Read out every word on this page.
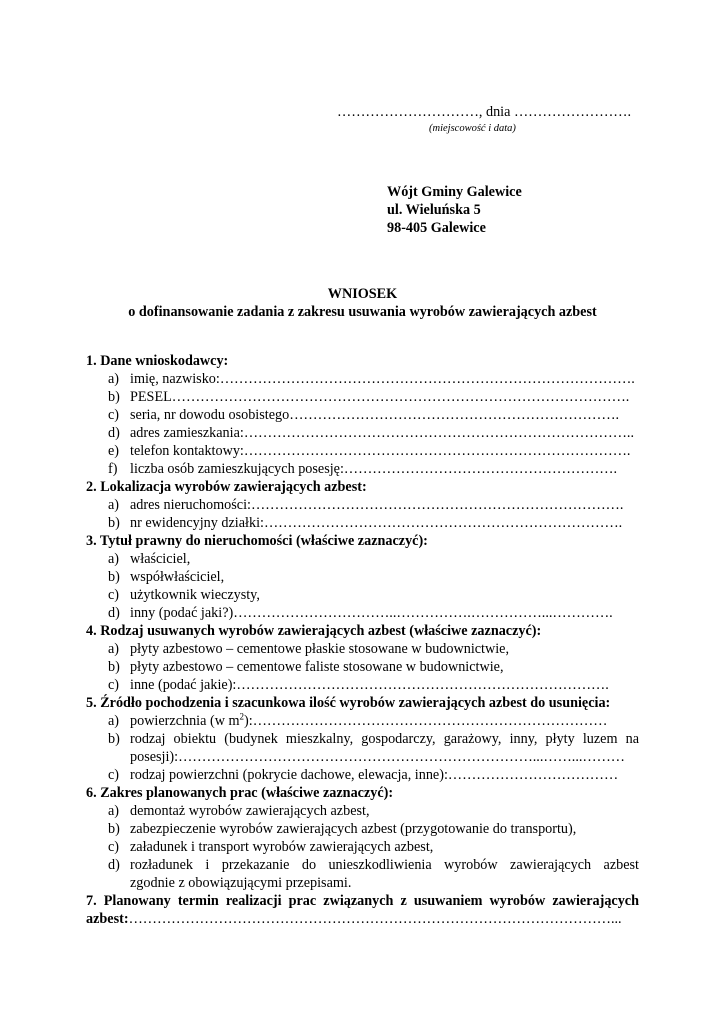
…………………………, dnia …………………….
(miejscowość i data)
Wójt Gminy Galewice
ul. Wieluńska 5
98-405 Galewice
WNIOSEK
o dofinansowanie zadania z zakresu usuwania wyrobów zawierających azbest
1. Dane wnioskodawcy:
a) imię, nazwisko:…………………………………………………………………………….
b) PESEL…………………………………………………………………………………….
c) seria, nr dowodu osobistego…………………………………………………………….
d) adres zamieszkania:………………………………………………………………………..
e) telefon kontaktowy:……………………………………………………………………….
f) liczba osób zamieszkujących posesję:………………………………………………….
2. Lokalizacja wyrobów zawierających azbest:
a) adres nieruchomości:…………………………………………………………………….
b) nr ewidencyjny działki:………………………………………………………………….
3. Tytuł prawny do nieruchomości (właściwe zaznaczyć):
a) właściciel,
b) współwłaściciel,
c) użytkownik wieczysty,
d) inny (podać jaki?)……………………………..…………….……………...………….
4. Rodzaj usuwanych wyrobów zawierających azbest (właściwe zaznaczyć):
a) płyty azbestowo – cementowe płaskie stosowane w budownictwie,
b) płyty azbestowo – cementowe faliste stosowane w budownictwie,
c) inne (podać jakie):…………………………………………………………………….
5. Źródło pochodzenia i szacunkowa ilość wyrobów zawierających azbest do usunięcia:
a) powierzchnia (w $m^2):\dots\dots\dots\dots\dots\dots\dots\dots\dots\dots\dots\dots\dots\dots\dots\dots\dots\dots\dots\dots\dots\dots\dots\dots\dots$
b) rodzaj obiektu (budynek mieszkalny, gospodarczy, garażowy, inny, płyty luzem na
posesji):…………………………………………………………………...……...………
c) rodzaj powierzchni (pokrycie dachowe, elewacja, inne):………………………………
6. Zakres planowanych prac (właściwe zaznaczyć):
a) demontaż wyrobów zawierających azbest,
b) zabezpieczenie wyrobów zawierających azbest (przygotowanie do transportu),
c) załadunek i transport wyrobów zawierających azbest,
d) rozładunek i przekazanie do unieszkodliwienia wyrobów zawierających azbest
zgodnie z obowiązującymi przepisami.
7. Planowany termin realizacji prac związanych z usuwaniem wyrobów zawierających
azbest:…………………………………………………………………………………………...
